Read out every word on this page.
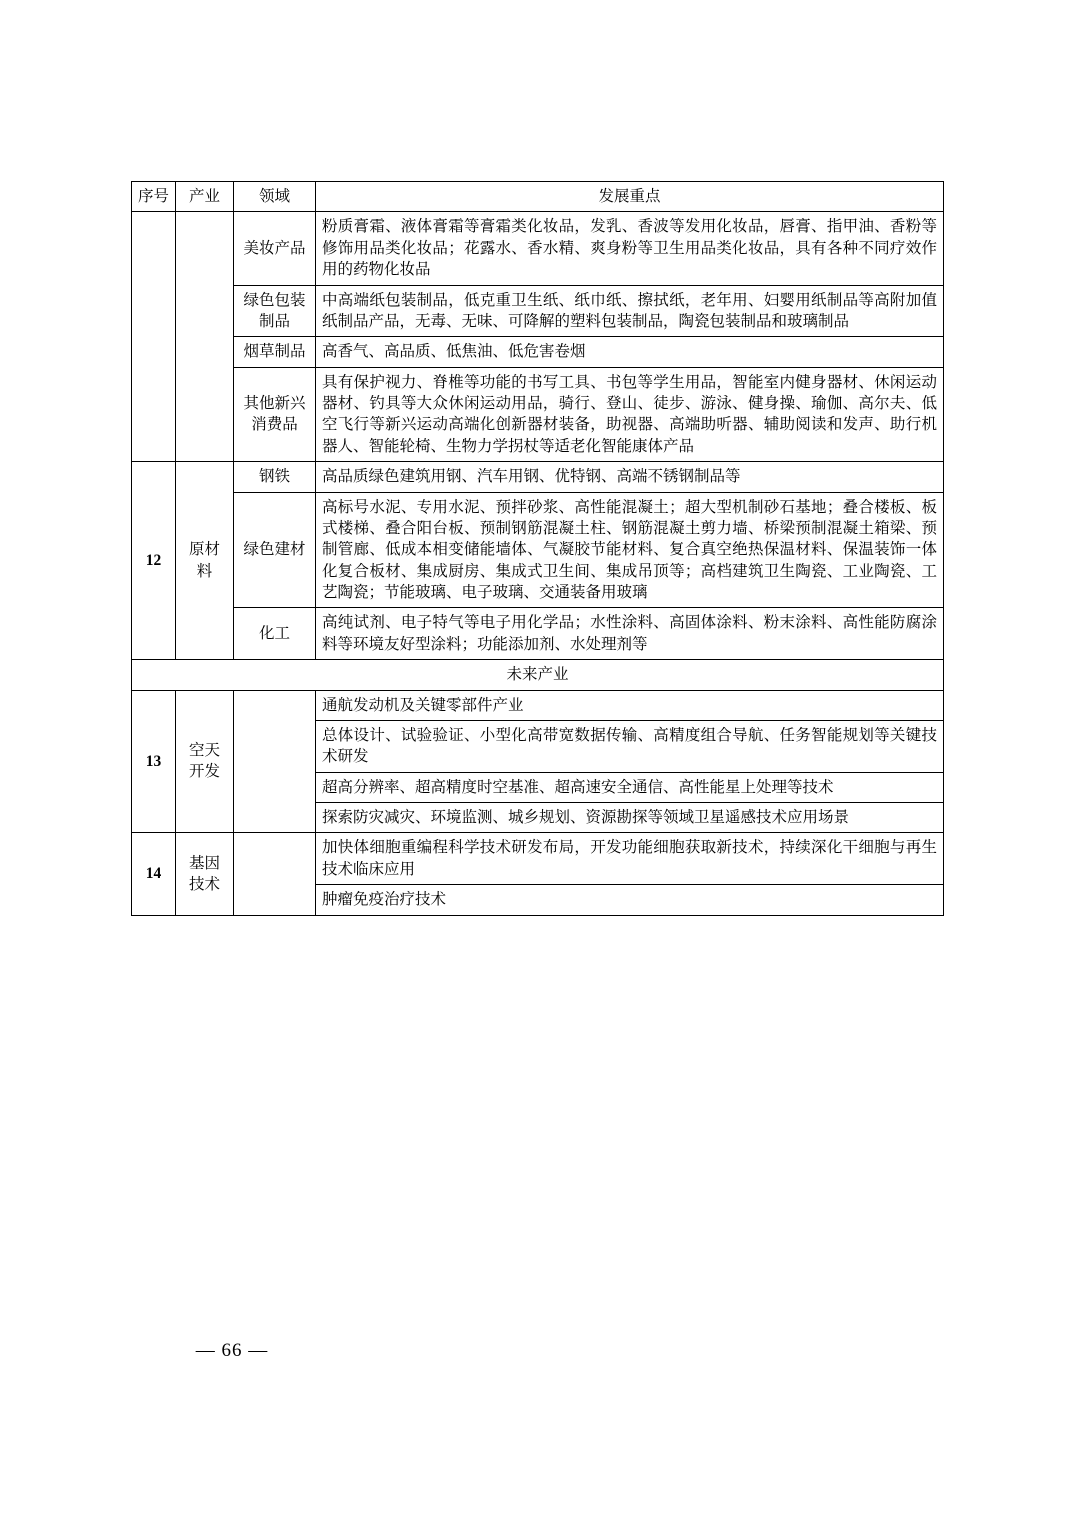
序号	产业	领域	发展重点
		美妆产品	粉质膏霜、液体膏霜等膏霜类化妆品，发乳、香波等发用化妆品，唇膏、指甲油、香粉等修饰用品类化妆品；花露水、香水精、爽身粉等卫生用品类化妆品，具有各种不同疗效作用的药物化妆品
		绿色包装制品	中高端纸包装制品，低克重卫生纸、纸巾纸、擦拭纸，老年用、妇婴用纸制品等高附加值纸制品产品，无毒、无味、可降解的塑料包装制品，陶瓷包装制品和玻璃制品
		烟草制品	高香气、高品质、低焦油、低危害卷烟
		其他新兴消费品	具有保护视力、脊椎等功能的书写工具、书包等学生用品，智能室内健身器材、休闲运动器材、钓具等大众休闲运动用品，骑行、登山、徒步、游泳、健身操、瑜伽、高尔夫、低空飞行等新兴运动高端化创新器材装备，助视器、高端助听器、辅助阅读和发声、助行机器人、智能轮椅、生物力学拐杖等适老化智能康体产品
12	原材料	钢铁	高品质绿色建筑用钢、汽车用钢、优特钢、高端不锈钢制品等
		绿色建材	高标号水泥、专用水泥、预拌砂浆、高性能混凝土；超大型机制砂石基地；叠合楼板、板式楼梯、叠合阳台板、预制钢筋混凝土柱、钢筋混凝土剪力墙、桥梁预制混凝土箱梁、预制管廊、低成本相变储能墙体、气凝胶节能材料、复合真空绝热保温材料、保温装饰一体化复合板材、集成厨房、集成式卫生间、集成吊顶等；高档建筑卫生陶瓷、工业陶瓷、工艺陶瓷；节能玻璃、电子玻璃、交通装备用玻璃
		化工	高纯试剂、电子特气等电子用化学品；水性涂料、高固体涂料、粉末涂料、高性能防腐涂料等环境友好型涂料；功能添加剂、水处理剂等
未来产业			
13	空天开发		通航发动机及关键零部件产业
			总体设计、试验验证、小型化高带宽数据传输、高精度组合导航、任务智能规划等关键技术研发
			超高分辨率、超高精度时空基准、超高速安全通信、高性能星上处理等技术
			探索防灾减灾、环境监测、城乡规划、资源勘探等领域卫星遥感技术应用场景
14	基因技术		加快体细胞重编程科学技术研发布局，开发功能细胞获取新技术，持续深化干细胞与再生技术临床应用
			肿瘤免疫治疗技术
— 66 —
